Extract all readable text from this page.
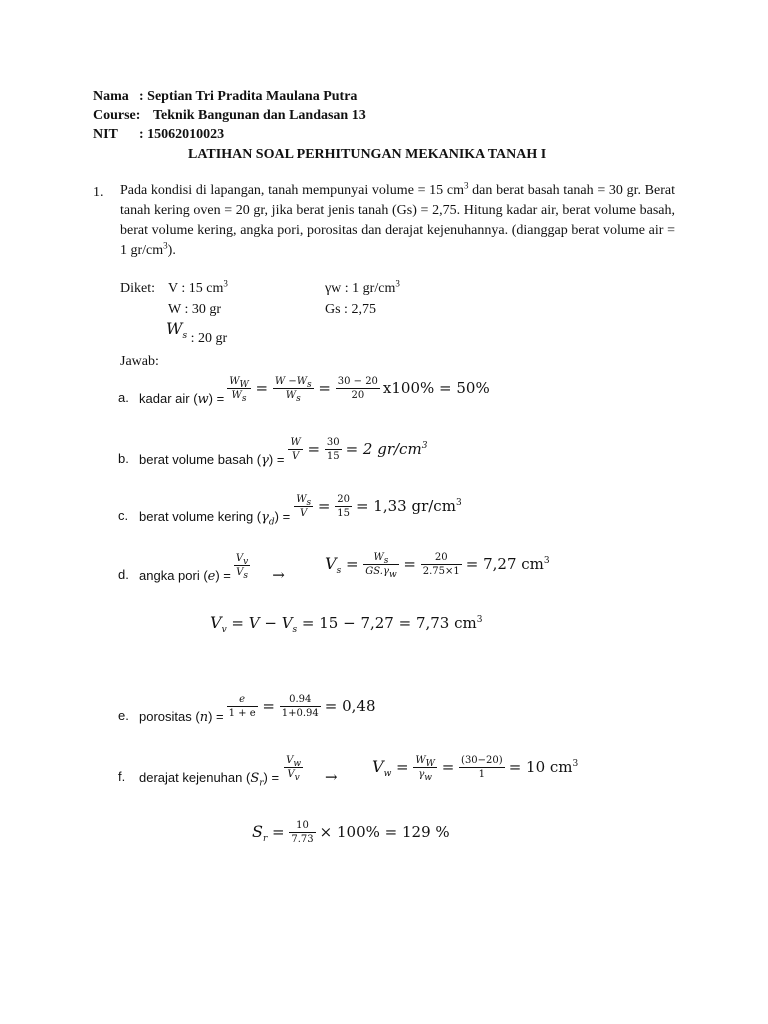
Nama : Septian Tri Pradita Maulana Putra
Course: Teknik Bangunan dan Landasan 13
NIT : 15062010023
LATIHAN SOAL PERHITUNGAN MEKANIKA TANAH I
1. Pada kondisi di lapangan, tanah mempunyai volume = 15 $cm^3$ dan berat basah tanah = 30 gr. Berat tanah kering oven = 20 gr, jika berat jenis tanah (Gs) = 2,75. Hitung kadar air, berat volume basah, berat volume kering, angka pori, porositas dan derajat kejenuhannya. (dianggap berat volume air = 1 $gr/cm^3$).
Diket: V : 15 $cm^3$
W : 30 gr
$W_s$ : 20 gr
γw : 1 $gr/cm^3$
Gs : 2,75
Jawab:
a. kadar air $(w) = \frac{W_W}{W_s} = \frac{W -W_s}{W_s} = \frac{30 - 20}{20} x100\% = 50\%$
b. berat volume basah $(\gamma) = \frac{W}{V} = \frac{30}{15} = 2$ $gr/cm^3$
c. berat volume kering $(\gamma_d) = \frac{W_s}{V} = \frac{20}{15} = 1,33$ $gr/cm^3$
d. angka pori $(e) = \frac{V_v}{V_s}$ →
$V_s = \frac{W_s}{GS.\gamma_w} = \frac{20}{2.75\times 1} = 7,27$ $cm^3$
$V_v = V - V_s = 15 - 7,27 = 7,73$ $cm^3$
e. porositas $(n) = \frac{e}{1 + e} = \frac{0.94}{1+0.94} = 0,48$
f. derajat kejenuhan $(S_r) = \frac{V_w}{V_v}$ →
$V_w = \frac{W_W}{\gamma_w} = \frac{(30-20)}{1} = 10$ $cm^3$
$S_r = \frac{10}{7.73} \times 100\% = 129$ %
